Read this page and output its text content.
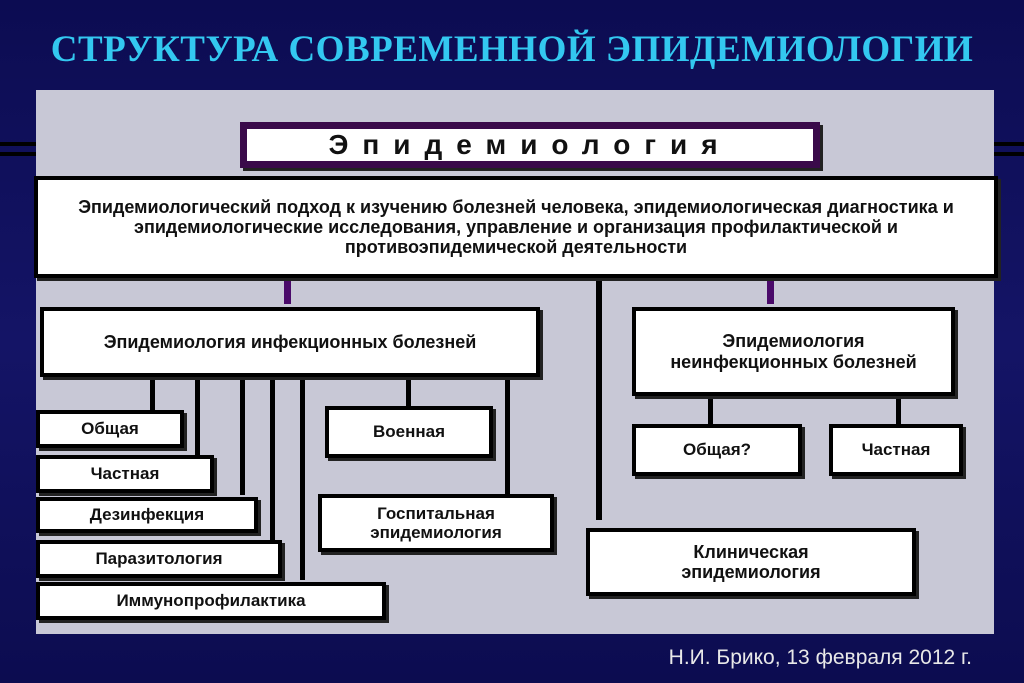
СТРУКТУРА СОВРЕМЕННОЙ ЭПИДЕМИОЛОГИИ
Эпидемиология
Эпидемиологический подход к изучению болезней человека, эпидемиологическая диагностика и эпидемиологические исследования, управление и организация профилактической и противоэпидемической деятельности
Эпидемиология инфекционных болезней	Эпидемиология неинфекционных болезней
Общая
Частная
Дезинфекция
Паразитология
Иммунопрофилактика
Военная
Госпитальная эпидемиология
Общая?	Частная
Клиническая эпидемиология
Н.И. Брико, 13 февраля 2012 г.
